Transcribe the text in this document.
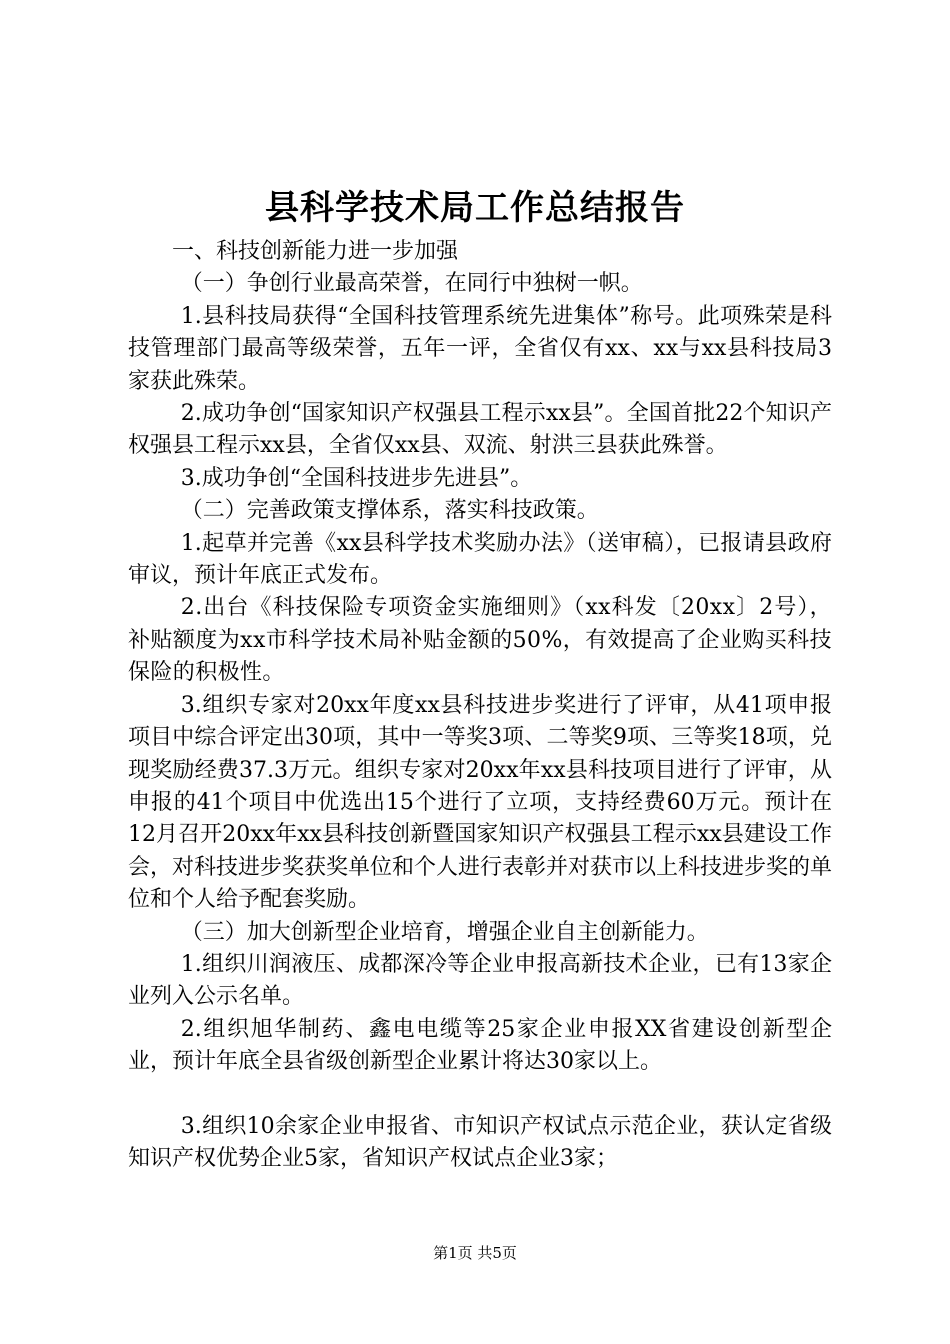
县科学技术局工作总结报告

一、科技创新能力进一步加强

（一）争创行业最高荣誉，在同行中独树一帜。

1.县科技局获得“全国科技管理系统先进集体”称号。此项殊荣是科技管理部门最高等级荣誉，五年一评，全省仅有xx、xx与xx县科技局3家获此殊荣。

2.成功争创“国家知识产权强县工程示xx县”。全国首批22个知识产权强县工程示xx县，全省仅xx县、双流、射洪三县获此殊誉。

3.成功争创“全国科技进步先进县”。

（二）完善政策支撑体系，落实科技政策。

1.起草并完善《xx县科学技术奖励办法》（送审稿），已报请县政府审议，预计年底正式发布。

2.出台《科技保险专项资金实施细则》（xx科发〔20xx〕2号），补贴额度为xx市科学技术局补贴金额的50%，有效提高了企业购买科技保险的积极性。

3.组织专家对20xx年度xx县科技进步奖进行了评审，从41项申报项目中综合评定出30项，其中一等奖3项、二等奖9项、三等奖18项，兑现奖励经费37.3万元。组织专家对20xx年xx县科技项目进行了评审，从申报的41个项目中优选出15个进行了立项，支持经费60万元。预计在12月召开20xx年xx县科技创新暨国家知识产权强县工程示xx县建设工作会，对科技进步奖获奖单位和个人进行表彰并对获市以上科技进步奖的单位和个人给予配套奖励。

（三）加大创新型企业培育，增强企业自主创新能力。

1.组织川润液压、成都深冷等企业申报高新技术企业，已有13家企业列入公示名单。

2.组织旭华制药、鑫电电缆等25家企业申报XX省建设创新型企业，预计年底全县省级创新型企业累计将达30家以上。

3.组织10余家企业申报省、市知识产权试点示范企业，获认定省级知识产权优势企业5家，省知识产权试点企业3家；

第1页 共5页
